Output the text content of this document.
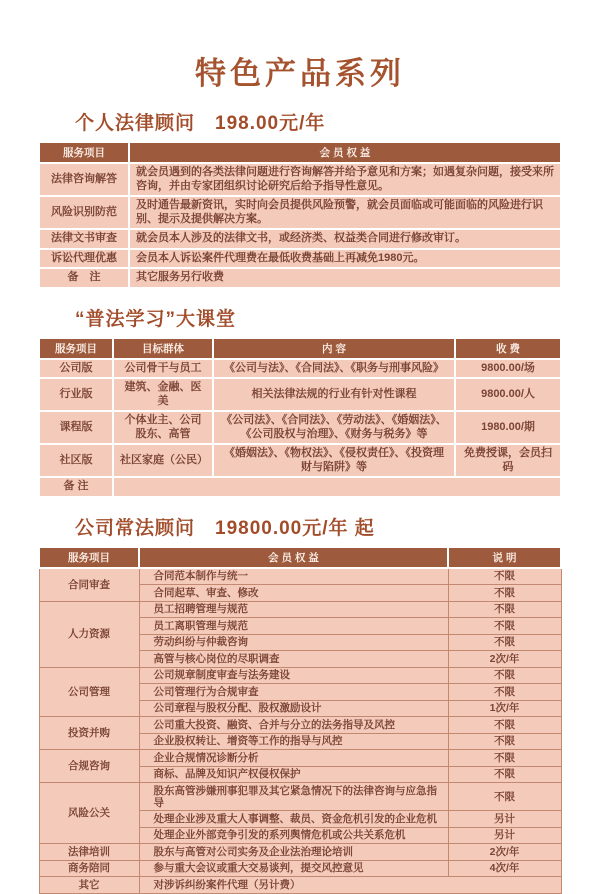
特色产品系列
个人法律顾问　198.00元/年
服务项目	会 员 权 益
法律咨询解答	就会员遇到的各类法律问题进行咨询解答并给予意见和方案；如遇复杂问题，接受来所咨询，并由专家团组织讨论研究后给予指导性意见。
风险识别防范	及时通告最新资讯，实时向会员提供风险预警，就会员面临或可能面临的风险进行识别、提示及提供解决方案。
法律文书审查	就会员本人涉及的法律文书，或经济类、权益类合同进行修改审订。
诉讼代理优惠	会员本人诉讼案件代理费在最低收费基础上再减免1980元。
备　注	其它服务另行收费
“普法学习”大课堂
服务项目	目标群体	内 容	收 费
公司版	公司骨干与员工	《公司与法》、《合同法》、《职务与刑事风险》	9800.00/场
行业版	建筑、金融、医美	相关法律法规的行业有针对性课程	9800.00/人
课程版	个体业主、公司股东、高管	《公司法》、《合同法》、《劳动法》、《婚姻法》、《公司股权与治理》、《财务与税务》等	1980.00/期
社区版	社区家庭（公民）	《婚姻法》、《物权法》、《侵权责任》、《投资理财与陷阱》等	免费授课，会员扫码
备 注			
公司常法顾问　19800.00元/年 起
服务项目	会 员 权 益	说 明
合同审查	合同范本制作与统一	不限
	合同起草、审查、修改	不限
人力资源	员工招聘管理与规范	不限
	员工离职管理与规范	不限
	劳动纠纷与仲裁咨询	不限
	高管与核心岗位的尽职调查	2次/年
公司管理	公司规章制度审查与法务建设	不限
	公司管理行为合规审查	不限
	公司章程与股权分配、股权激励设计	1次/年
投资并购	公司重大投资、融资、合并与分立的法务指导及风控	不限
	企业股权转让、增资等工作的指导与风控	不限
合规咨询	企业合规情况诊断分析	不限
	商标、品牌及知识产权侵权保护	不限
风险公关	股东高管涉嫌刑事犯罪及其它紧急情况下的法律咨询与应急指导	不限
	处理企业涉及重大人事调整、裁员、资金危机引发的企业危机	另计
	处理企业外部竞争引发的系列舆情危机或公共关系危机	另计
法律培训	股东与高管对公司实务及企业法治理论培训	2次/年
商务陪同	参与重大会议或重大交易谈判，提交风控意见	4次/年
其它	对涉诉纠纷案件代理（另计费）	
